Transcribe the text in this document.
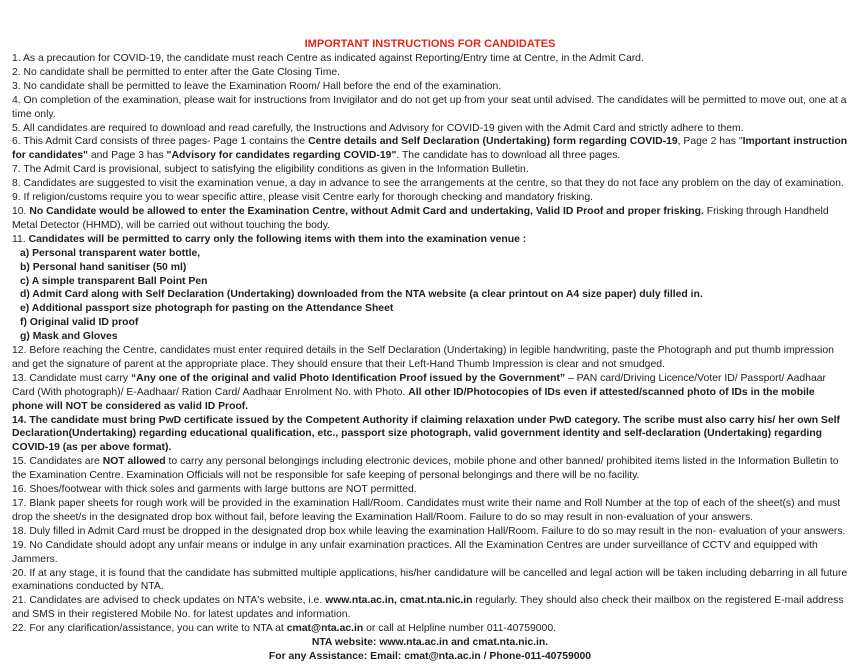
IMPORTANT INSTRUCTIONS FOR CANDIDATES

1. As a precaution for COVID-19, the candidate must reach Centre as indicated against Reporting/Entry time at Centre, in the Admit Card.

2. No candidate shall be permitted to enter after the Gate Closing Time.

3. No candidate shall be permitted to leave the Examination Room/ Hall before the end of the examination.

4. On completion of the examination, please wait for instructions from Invigilator and do not get up from your seat until advised. The candidates will be permitted to move out, one at a time only.

5. All candidates are required to download and read carefully, the Instructions and Advisory for COVID-19 given with the Admit Card and strictly adhere to them.

6. This Admit Card consists of three pages- Page 1 contains the Centre details and Self Declaration (Undertaking) form regarding COVID-19, Page 2 has "Important instruction for candidates" and Page 3 has "Advisory for candidates regarding COVID-19". The candidate has to download all three pages.

7. The Admit Card is provisional, subject to satisfying the eligibility conditions as given in the Information Bulletin.

8. Candidates are suggested to visit the examination venue, a day in advance to see the arrangements at the centre, so that they do not face any problem on the day of examination.

9. If religion/customs require you to wear specific attire, please visit Centre early for thorough checking and mandatory frisking.

10. No Candidate would be allowed to enter the Examination Centre, without Admit Card and undertaking, Valid ID Proof and proper frisking. Frisking through Handheld Metal Detector (HHMD), will be carried out without touching the body.

11. Candidates will be permitted to carry only the following items with them into the examination venue :

a) Personal transparent water bottle,

b) Personal hand sanitiser (50 ml)

c) A simple transparent Ball Point Pen

d) Admit Card along with Self Declaration (Undertaking) downloaded from the NTA website (a clear printout on A4 size paper) duly filled in.

e) Additional passport size photograph for pasting on the Attendance Sheet

f) Original valid ID proof

g) Mask and Gloves

12. Before reaching the Centre, candidates must enter required details in the Self Declaration (Undertaking) in legible handwriting, paste the Photograph and put thumb impression and get the signature of parent at the appropriate place. They should ensure that their Left-Hand Thumb Impression is clear and not smudged.

13. Candidate must carry “Any one of the original and valid Photo Identification Proof issued by the Government” – PAN card/Driving Licence/Voter ID/ Passport/ Aadhaar Card (With photograph)/ E-Aadhaar/ Ration Card/ Aadhaar Enrolment No. with Photo. All other ID/Photocopies of IDs even if attested/scanned photo of IDs in the mobile phone will NOT be considered as valid ID Proof.

14. The candidate must bring PwD certificate issued by the Competent Authority if claiming relaxation under PwD category. The scribe must also carry his/ her own Self Declaration(Undertaking) regarding educational qualification, etc., passport size photograph, valid government identity and self-declaration (Undertaking) regarding COVID-19 (as per above format).

15. Candidates are NOT allowed to carry any personal belongings including electronic devices, mobile phone and other banned/ prohibited items listed in the Information Bulletin to the Examination Centre. Examination Officials will not be responsible for safe keeping of personal belongings and there will be no facility.

16. Shoes/footwear with thick soles and garments with large buttons are NOT permitted.

17. Blank paper sheets for rough work will be provided in the examination Hall/Room. Candidates must write their name and Roll Number at the top of each of the sheet(s) and must drop the sheet/s in the designated drop box without fail, before leaving the Examination Hall/Room. Failure to do so may result in non-evaluation of your answers.

18. Duly filled in Admit Card must be dropped in the designated drop box while leaving the examination Hall/Room. Failure to do so may result in the non- evaluation of your answers.

19. No Candidate should adopt any unfair means or indulge in any unfair examination practices. All the Examination Centres are under surveillance of CCTV and equipped with Jammers.

20. If at any stage, it is found that the candidate has submitted multiple applications, his/her candidature will be cancelled and legal action will be taken including debarring in all future examinations conducted by NTA.

21. Candidates are advised to check updates on NTA's website, i.e. www.nta.ac.in, cmat.nta.nic.in regularly. They should also check their mailbox on the registered E-mail address and SMS in their registered Mobile No. for latest updates and information.

22. For any clarification/assistance, you can write to NTA at cmat@nta.ac.in or call at Helpline number 011-40759000.

NTA website: www.nta.ac.in and cmat.nta.nic.in.

For any Assistance: Email: cmat@nta.ac.in / Phone-011-40759000
